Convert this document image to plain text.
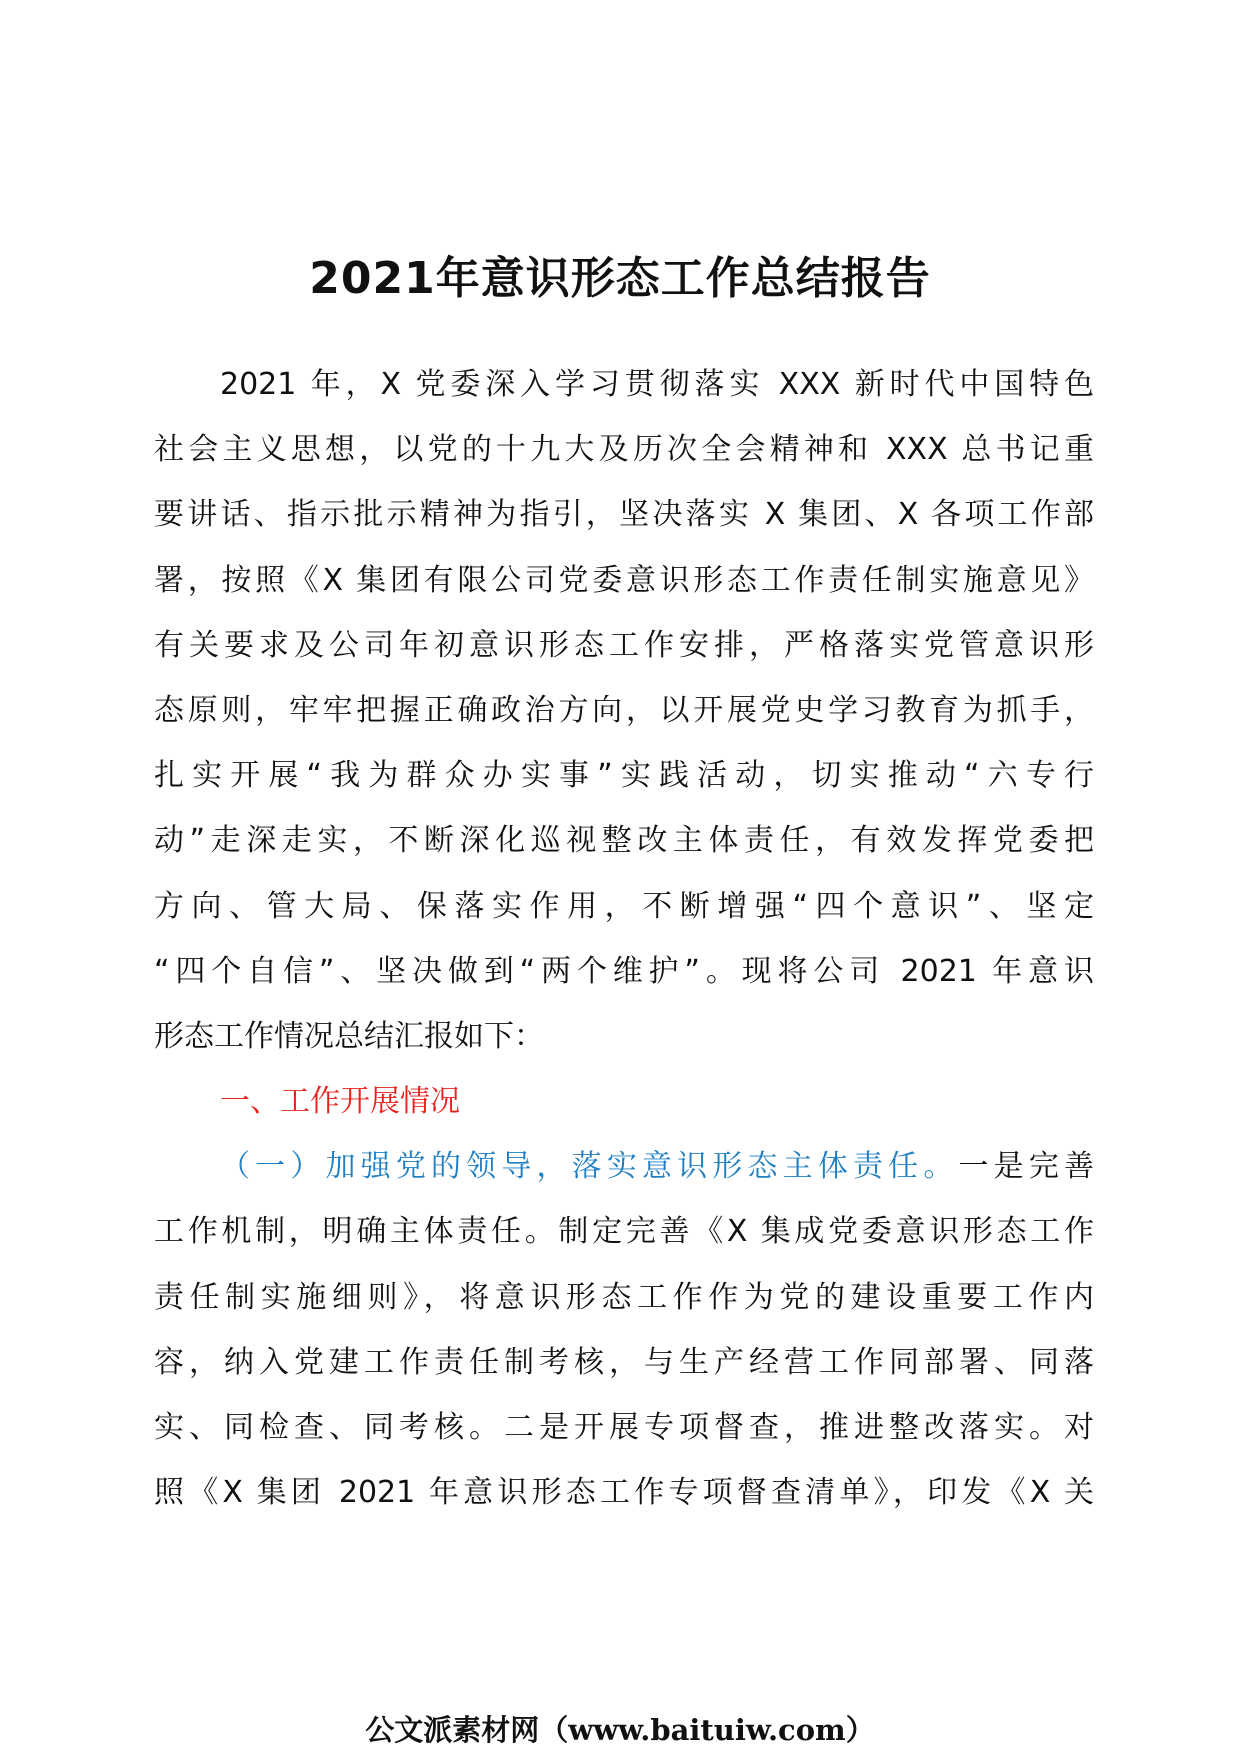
2021年意识形态工作总结报告
2021 年，X 党委深入学习贯彻落实 XXX 新时代中国特色
社会主义思想，以党的十九大及历次全会精神和 XXX 总书记重
要讲话、指示批示精神为指引，坚决落实 X 集团、X 各项工作部
署，按照《X 集团有限公司党委意识形态工作责任制实施意见》
有关要求及公司年初意识形态工作安排，严格落实党管意识形
态原则，牢牢把握正确政治方向，以开展党史学习教育为抓手，
扎实开展“我为群众办实事”实践活动，切实推动“六专行
动”走深走实，不断深化巡视整改主体责任，有效发挥党委把
方向、管大局、保落实作用，不断增强“四个意识”、坚定
“四个自信”、坚决做到“两个维护”。现将公司 2021 年意识
形态工作情况总结汇报如下：
一、工作开展情况
（一）加强党的领导，落实意识形态主体责任。一是完善
工作机制，明确主体责任。制定完善《X 集成党委意识形态工作
责任制实施细则》，将意识形态工作作为党的建设重要工作内
容，纳入党建工作责任制考核，与生产经营工作同部署、同落
实、同检查、同考核。二是开展专项督查，推进整改落实。对
照《X 集团 2021 年意识形态工作专项督查清单》，印发《X 关
公文派素材网（www.baituiw.com）
